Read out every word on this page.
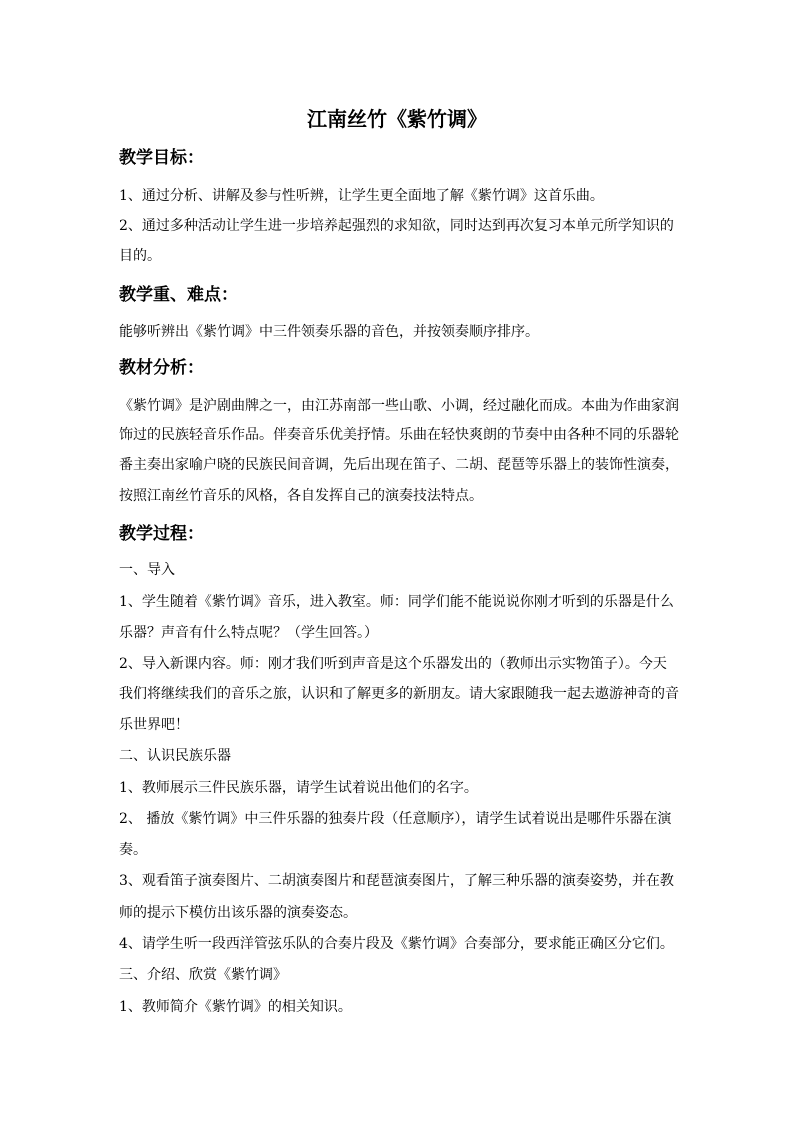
江南丝竹《紫竹调》
教学目标：

1、通过分析、讲解及参与性听辨，让学生更全面地了解《紫竹调》这首乐曲。

2、通过多种活动让学生进一步培养起强烈的求知欲，同时达到再次复习本单元所学知识的

目的。

教学重、难点：

能够听辨出《紫竹调》中三件领奏乐器的音色，并按领奏顺序排序。

教材分析：

《紫竹调》是沪剧曲牌之一，由江苏南部一些山歌、小调，经过融化而成。本曲为作曲家润

饰过的民族轻音乐作品。伴奏音乐优美抒情。乐曲在轻快爽朗的节奏中由各种不同的乐器轮

番主奏出家喻户晓的民族民间音调，先后出现在笛子、二胡、琵琶等乐器上的装饰性演奏，

按照江南丝竹音乐的风格，各自发挥自己的演奏技法特点。

教学过程：

一、导入

1、学生随着《紫竹调》音乐，进入教室。师：同学们能不能说说你刚才听到的乐器是什么

乐器？声音有什么特点呢？（学生回答。）

2、导入新课内容。师：刚才我们听到声音是这个乐器发出的（教师出示实物笛子）。今天

我们将继续我们的音乐之旅，认识和了解更多的新朋友。请大家跟随我一起去遨游神奇的音

乐世界吧！

二、认识民族乐器

1、教师展示三件民族乐器，请学生试着说出他们的名字。

2、 播放《紫竹调》中三件乐器的独奏片段（任意顺序），请学生试着说出是哪件乐器在演

奏。

3、观看笛子演奏图片、二胡演奏图片和琵琶演奏图片，了解三种乐器的演奏姿势，并在教

师的提示下模仿出该乐器的演奏姿态。

4、请学生听一段西洋管弦乐队的合奏片段及《紫竹调》合奏部分，要求能正确区分它们。

三、介绍、欣赏《紫竹调》

1、教师简介《紫竹调》的相关知识。
